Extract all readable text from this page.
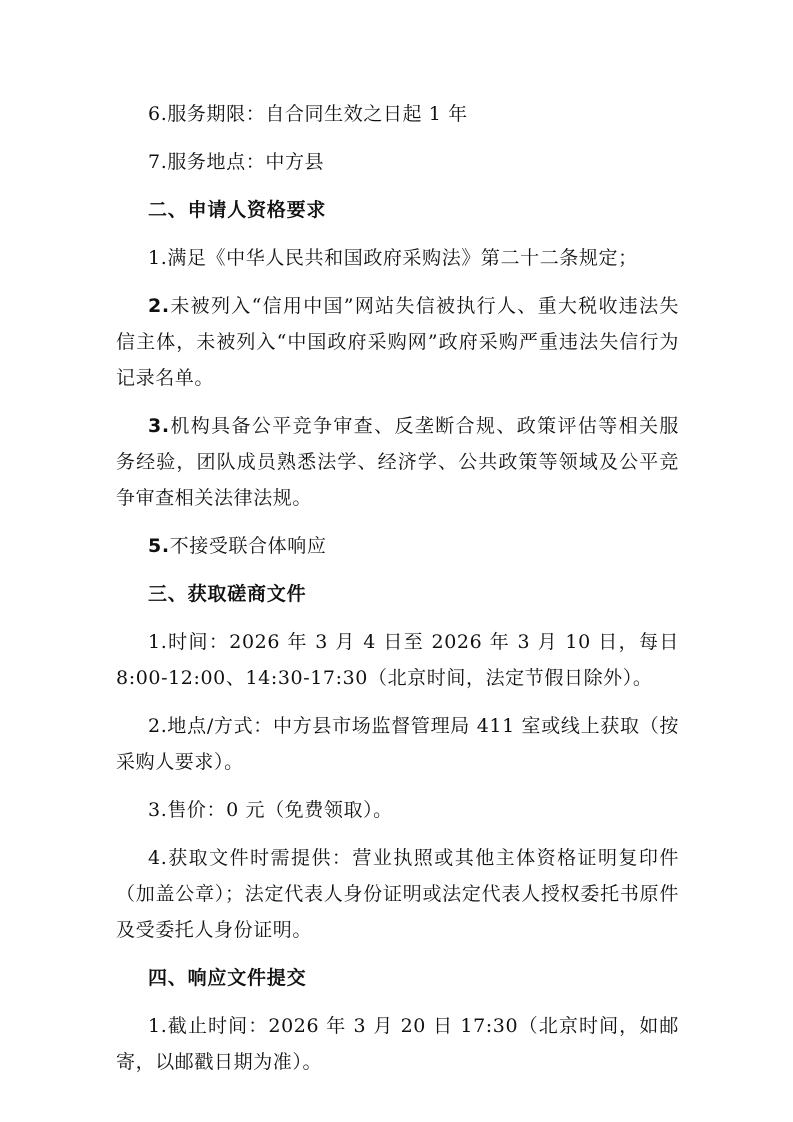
6.服务期限：自合同生效之日起 1 年

7.服务地点：中方县

二、申请人资格要求

1.满足《中华人民共和国政府采购法》第二十二条规定；

2.未被列入“信用中国”网站失信被执行人、重大税收违法失信主体，未被列入“中国政府采购网”政府采购严重违法失信行为记录名单。

3.机构具备公平竞争审查、反垄断合规、政策评估等相关服务经验，团队成员熟悉法学、经济学、公共政策等领域及公平竞争审查相关法律法规。

5.不接受联合体响应

三、获取磋商文件

1.时间：2026 年 3 月 4 日至 2026 年 3 月 10 日，每日 8:00-12:00、14:30-17:30（北京时间，法定节假日除外）。

2.地点/方式：中方县市场监督管理局 411 室或线上获取（按采购人要求）。

3.售价：0 元（免费领取）。

4.获取文件时需提供：营业执照或其他主体资格证明复印件（加盖公章）；法定代表人身份证明或法定代表人授权委托书原件及受委托人身份证明。

四、响应文件提交

1.截止时间：2026 年 3 月 20 日 17:30（北京时间，如邮寄，以邮戳日期为准）。
